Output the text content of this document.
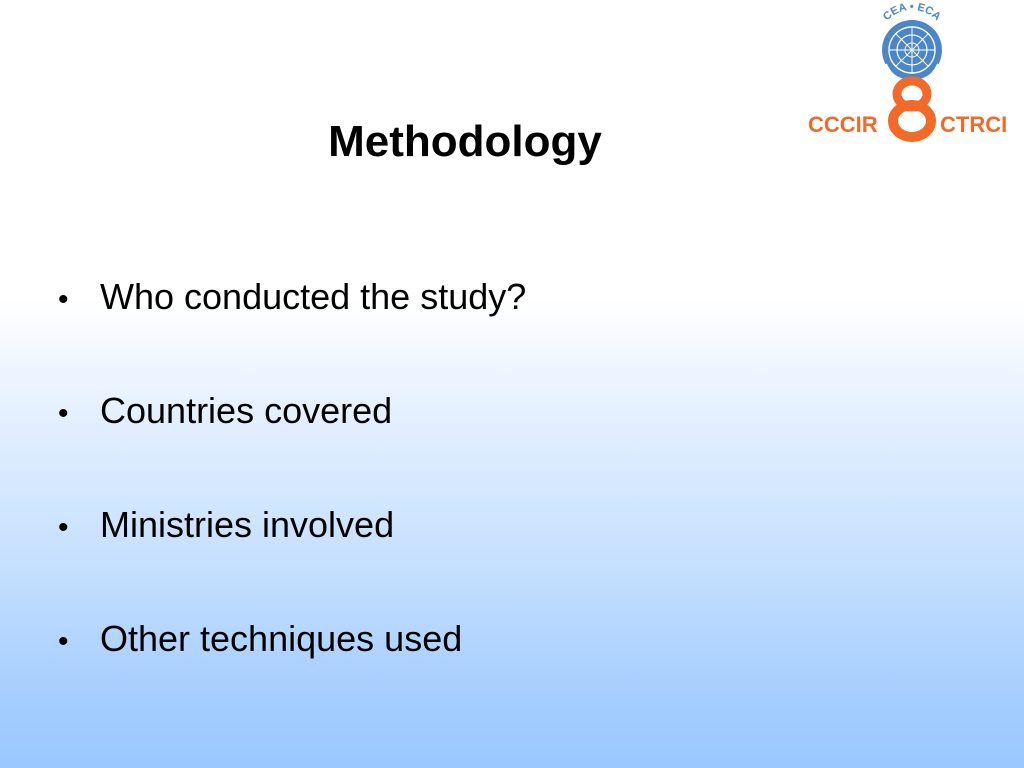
CEA • ECA
CCCIR	CTRCI
Methodology
• Who conducted the study?
• Countries covered
• Ministries involved
• Other techniques used
